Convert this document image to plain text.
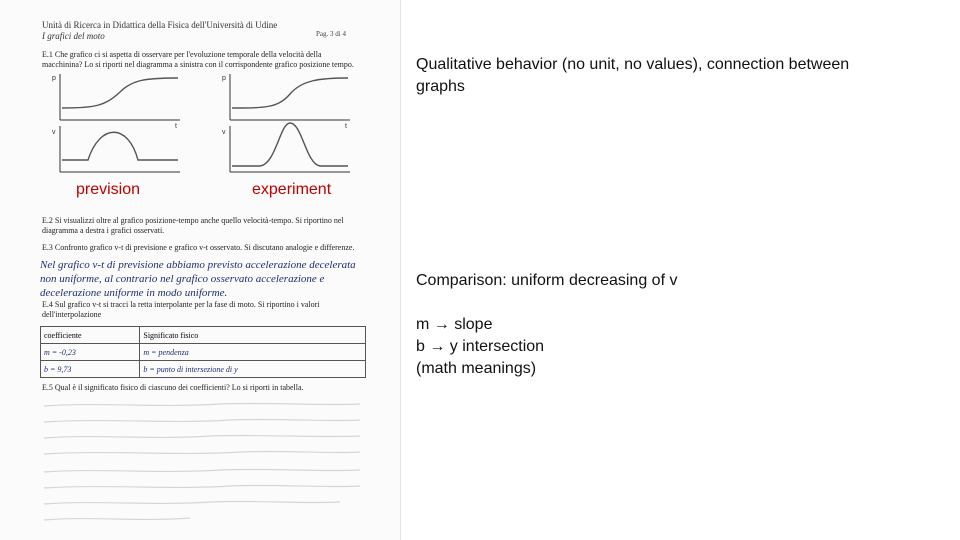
Unità di Ricerca in Didattica della Fisica dell'Università di Udine
I grafici del moto	Pag. 3 di 4
E.1 Che grafico ci si aspetta di osservare per l'evoluzione temporale della velocità della macchinina? Lo si riporti nel diagramma a sinistra con il corrispondente grafico posizione tempo.
p
t
v
p
t
v
E.2 Si visualizzi oltre al grafico posizione-tempo anche quello velocità-tempo. Si riportino nel diagramma a destra i grafici osservati.
E.3 Confronto grafico v-t di previsione e grafico v-t osservato. Si discutano analogie e differenze.
Nel grafico v-t di previsione abbiamo previsto accelerazione decelerata non uniforme, al contrario nel grafico osservato accelerazione e decelerazione uniforme in modo uniforme.
E.4 Sul grafico v-t si tracci la retta interpolante per la fase di moto. Si riportino i valori dell'interpolazione
coefficiente	Significato fisico
m = -0,23	m = pendenza
b = 9,73	b = punto di intersezione di y
E.5 Qual è il significato fisico di ciascuno dei coefficienti? Lo si riporti in tabella.
prevision	experiment
Qualitative behavior (no unit, no values), connection between graphs
Comparison: uniform decreasing of v
m → slope
b → y intersection
(math meanings)
